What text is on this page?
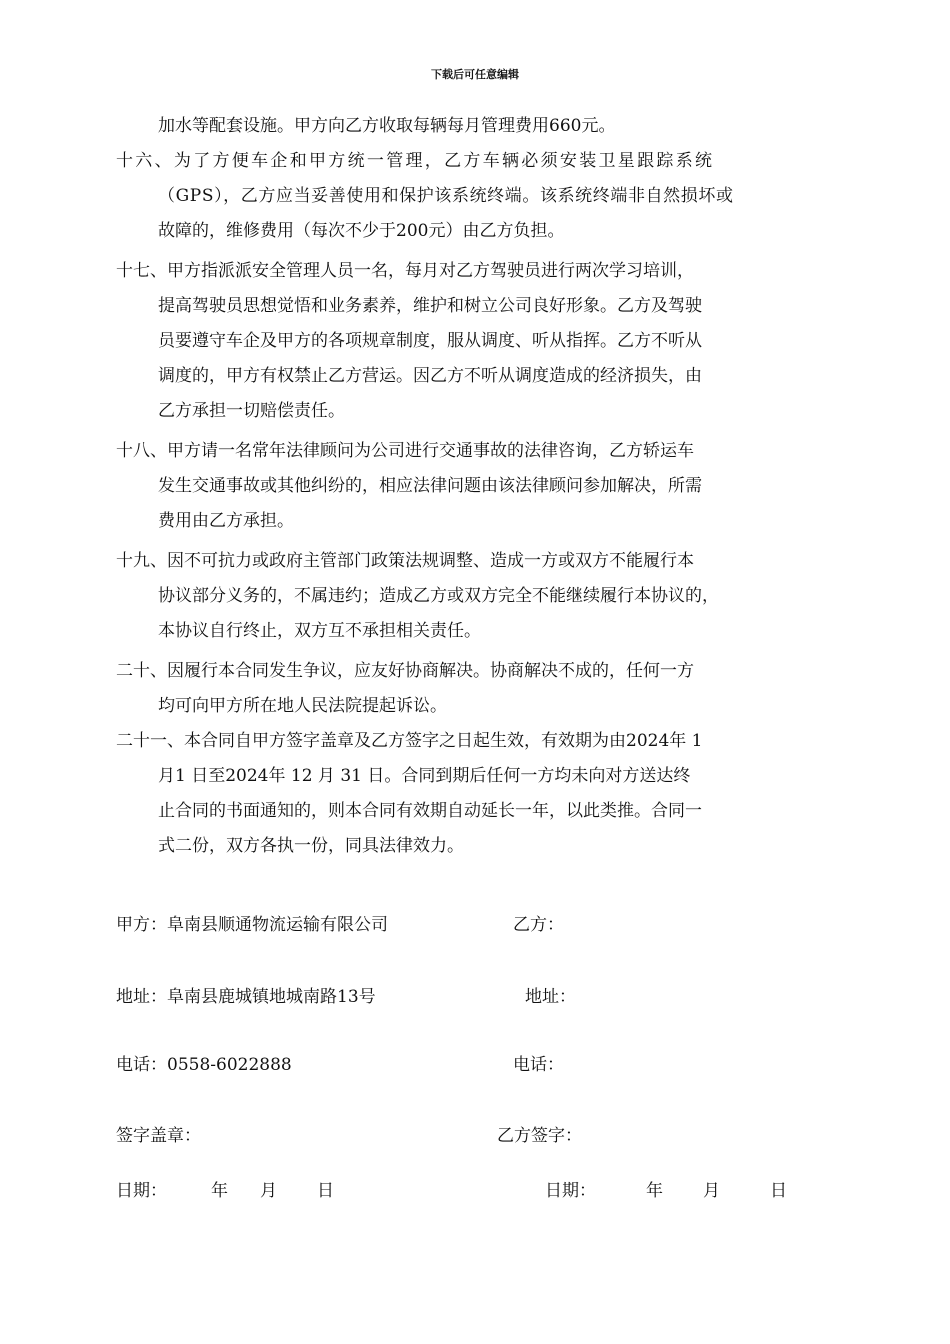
下载后可任意编辑
加水等配套设施。甲方向乙方收取每辆每月管理费用660元。
十六、为了方便车企和甲方统一管理，乙方车辆必须安装卫星跟踪系统
（GPS），乙方应当妥善使用和保护该系统终端。该系统终端非自然损坏或
故障的，维修费用（每次不少于200元）由乙方负担。
十七、甲方指派派安全管理人员一名，每月对乙方驾驶员进行两次学习培训，
提高驾驶员思想觉悟和业务素养，维护和树立公司良好形象。乙方及驾驶
员要遵守车企及甲方的各项规章制度，服从调度、听从指挥。乙方不听从
调度的，甲方有权禁止乙方营运。因乙方不听从调度造成的经济损失，由
乙方承担一切赔偿责任。
十八、甲方请一名常年法律顾问为公司进行交通事故的法律咨询，乙方轿运车
发生交通事故或其他纠纷的，相应法律问题由该法律顾问参加解决，所需
费用由乙方承担。
十九、因不可抗力或政府主管部门政策法规调整、造成一方或双方不能履行本
协议部分义务的，不属违约；造成乙方或双方完全不能继续履行本协议的，
本协议自行终止，双方互不承担相关责任。
二十、因履行本合同发生争议，应友好协商解决。协商解决不成的，任何一方
均可向甲方所在地人民法院提起诉讼。
二十一、本合同自甲方签字盖章及乙方签字之日起生效，有效期为由2024年 1
月1 日至2024年 12 月 31 日。合同到期后任何一方均未向对方送达终
止合同的书面通知的，则本合同有效期自动延长一年，以此类推。合同一
式二份，双方各执一份，同具法律效力。
甲方：阜南县顺通物流运输有限公司	乙方：
地址：阜南县鹿城镇地城南路13号	地址：
电话：0558-6022888	电话：
签字盖章：	乙方签字：
日期：	年 月 日	日期：	年 月	日
